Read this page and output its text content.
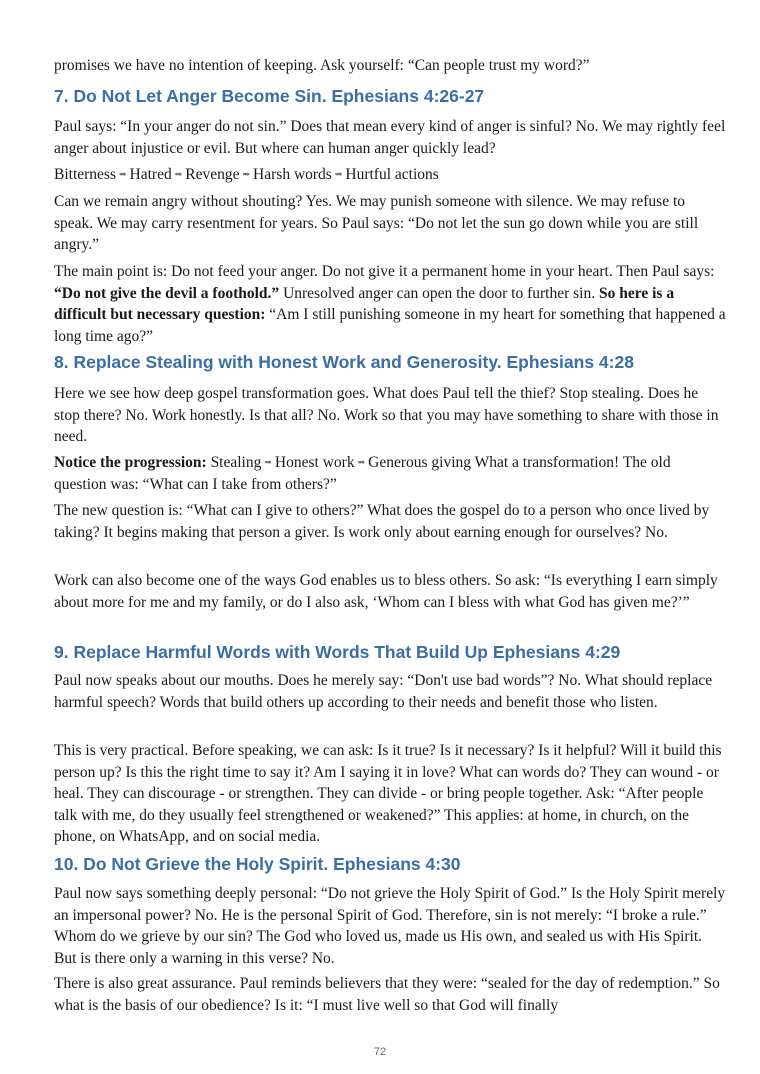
promises we have no intention of keeping. Ask yourself: “Can people trust my word?”

7. Do Not Let Anger Become Sin. Ephesians 4:26-27

Paul says: “In your anger do not sin.” Does that mean every kind of anger is sinful? No. We may rightly feel anger about injustice or evil. But where can human anger quickly lead?

Bitterness ➡ Hatred ➡ Revenge ➡ Harsh words ➡ Hurtful actions

Can we remain angry without shouting? Yes. We may punish someone with silence. We may refuse to speak. We may carry resentment for years. So Paul says: “Do not let the sun go down while you are still angry.”

The main point is: Do not feed your anger. Do not give it a permanent home in your heart. Then Paul says: “Do not give the devil a foothold.” Unresolved anger can open the door to further sin. So here is a difficult but necessary question: “Am I still punishing someone in my heart for something that happened a long time ago?”

8. Replace Stealing with Honest Work and Generosity. Ephesians 4:28

Here we see how deep gospel transformation goes. What does Paul tell the thief? Stop stealing. Does he stop there? No. Work honestly. Is that all? No. Work so that you may have something to share with those in need.

Notice the progression: Stealing ➡ Honest work ➡ Generous giving What a transformation! The old question was: “What can I take from others?”

The new question is: “What can I give to others?” What does the gospel do to a person who once lived by taking? It begins making that person a giver. Is work only about earning enough for ourselves? No.

Work can also become one of the ways God enables us to bless others. So ask: “Is everything I earn simply about more for me and my family, or do I also ask, ‘Whom can I bless with what God has given me?’”

9. Replace Harmful Words with Words That Build Up Ephesians 4:29

Paul now speaks about our mouths. Does he merely say: “Don't use bad words”? No. What should replace harmful speech? Words that build others up according to their needs and benefit those who listen.

This is very practical. Before speaking, we can ask: Is it true? Is it necessary? Is it helpful? Will it build this person up? Is this the right time to say it? Am I saying it in love? What can words do? They can wound - or heal. They can discourage - or strengthen. They can divide - or bring people together. Ask: “After people talk with me, do they usually feel strengthened or weakened?” This applies: at home, in church, on the phone, on WhatsApp, and on social media.

10. Do Not Grieve the Holy Spirit. Ephesians 4:30

Paul now says something deeply personal: “Do not grieve the Holy Spirit of God.” Is the Holy Spirit merely an impersonal power? No. He is the personal Spirit of God. Therefore, sin is not merely: “I broke a rule.” Whom do we grieve by our sin? The God who loved us, made us His own, and sealed us with His Spirit. But is there only a warning in this verse? No.

There is also great assurance. Paul reminds believers that they were: “sealed for the day of redemption.” So what is the basis of our obedience? Is it: “I must live well so that God will finally

72
